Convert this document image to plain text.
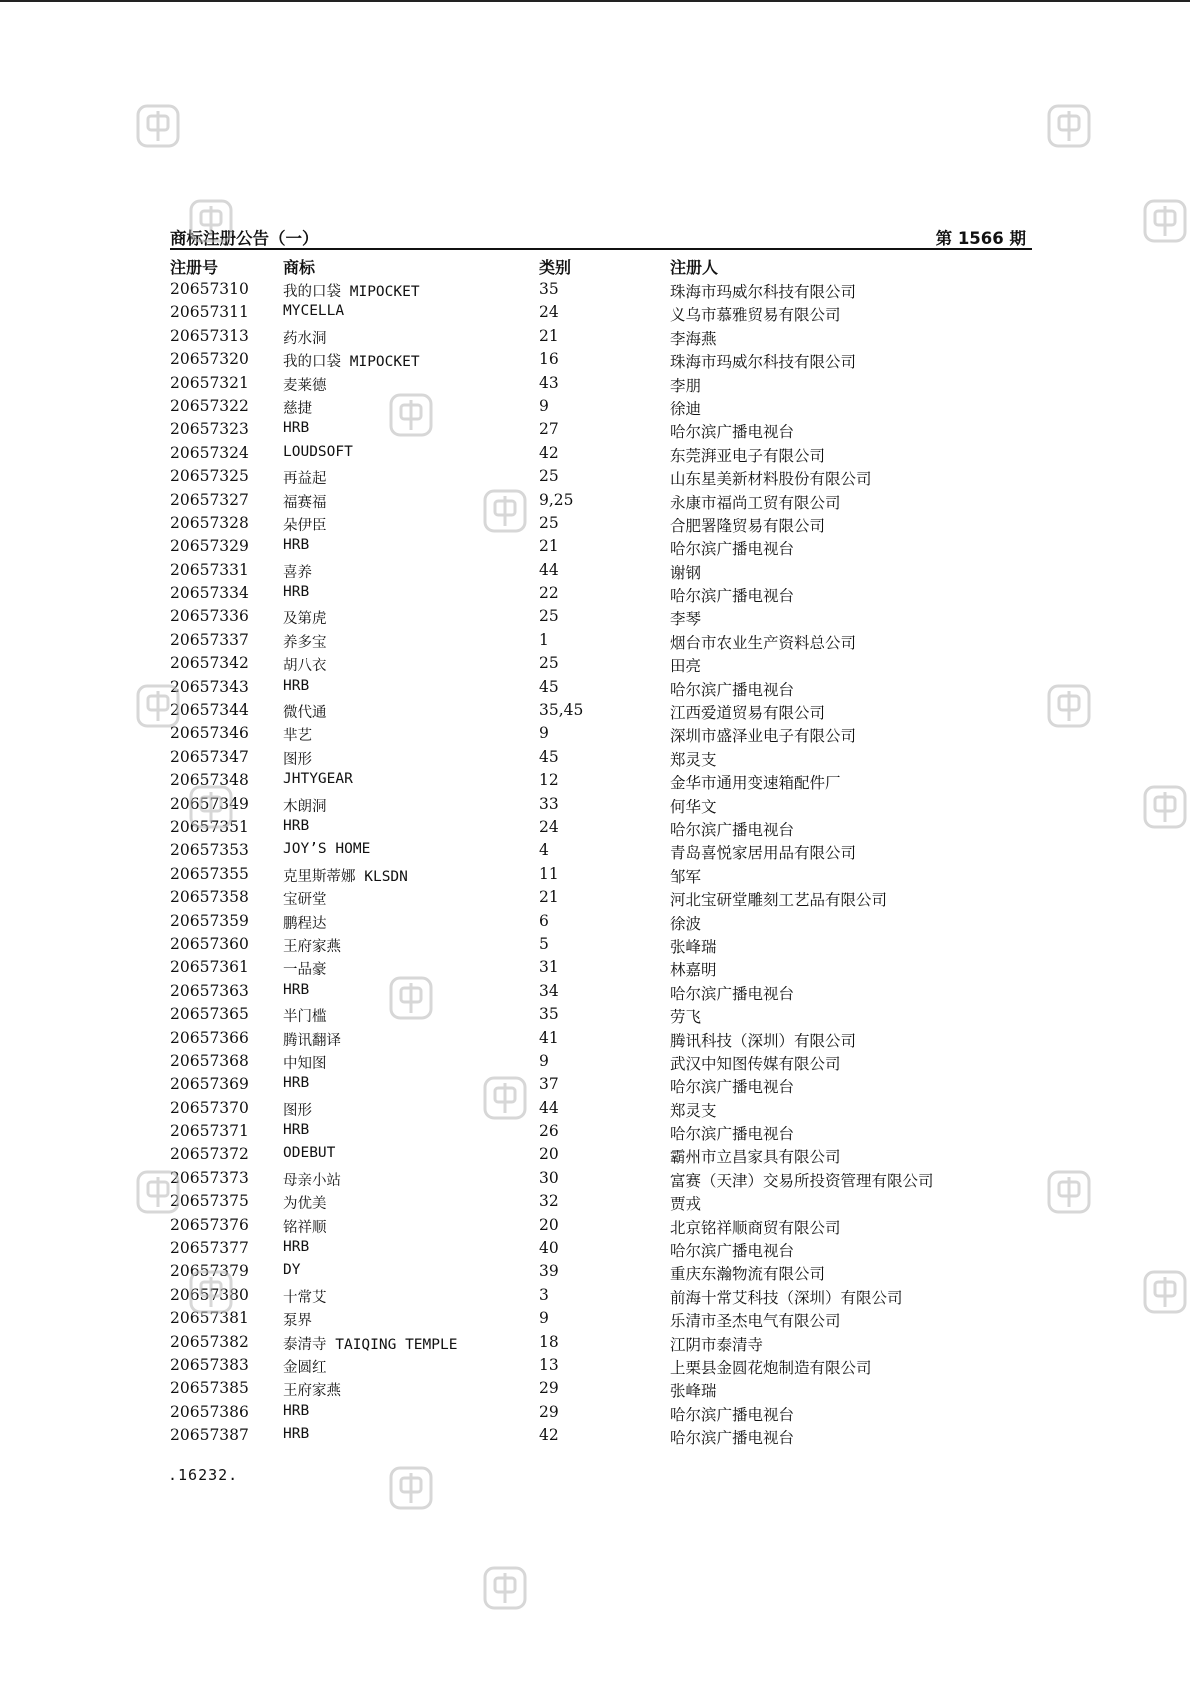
商标注册公告（一）	第 1566 期
注册号	商标	类别	注册人
20657310 我的口袋 MIPOCKET	35	珠海市玛威尔科技有限公司
20657311 MYCELLA	24	义乌市慕雅贸易有限公司
20657313 药水洞	21	李海燕
20657320 我的口袋 MIPOCKET	16	珠海市玛威尔科技有限公司
20657321 麦莱德	43	李朋
20657322 慈捷	9	徐迪
20657323 HRB	27	哈尔滨广播电视台
20657324 LOUDSOFT	42	东莞湃亚电子有限公司
20657325 再益起	25	山东星美新材料股份有限公司
20657327 福赛福	9,25	永康市福尚工贸有限公司
20657328 朵伊臣	25	合肥署隆贸易有限公司
20657329 HRB	21	哈尔滨广播电视台
20657331 喜养	44	谢钢
20657334 HRB	22	哈尔滨广播电视台
20657336 及第虎	25	李琴
20657337 养多宝	1	烟台市农业生产资料总公司
20657342 胡八衣	25	田亮
20657343 HRB	45	哈尔滨广播电视台
20657344 微代通	35,45	江西爱道贸易有限公司
20657346 芈艺	9	深圳市盛泽业电子有限公司
20657347 图形	45	郑灵支
20657348 JHTYGEAR	12	金华市通用变速箱配件厂
20657349 木朗洞	33	何华文
20657351 HRB	24	哈尔滨广播电视台
20657353 JOY’S HOME	4	青岛喜悦家居用品有限公司
20657355 克里斯蒂娜 KLSDN	11	邹军
20657358 宝研堂	21	河北宝研堂雕刻工艺品有限公司
20657359 鹏程达	6	徐波
20657360 王府家燕	5	张峰瑞
20657361 一品豪	31	林嘉明
20657363 HRB	34	哈尔滨广播电视台
20657365 半门槛	35	劳飞
20657366 腾讯翻译	41	腾讯科技（深圳）有限公司
20657368 中知图	9	武汉中知图传媒有限公司
20657369 HRB	37	哈尔滨广播电视台
20657370 图形	44	郑灵支
20657371 HRB	26	哈尔滨广播电视台
20657372 ODEBUT	20	霸州市立昌家具有限公司
20657373 母亲小站	30	富赛（天津）交易所投资管理有限公司
20657375 为优美	32	贾戎
20657376 铭祥顺	20	北京铭祥顺商贸有限公司
20657377 HRB	40	哈尔滨广播电视台
20657379 DY	39	重庆东瀚物流有限公司
20657380 十常艾	3	前海十常艾科技（深圳）有限公司
20657381 泵界	9	乐清市圣杰电气有限公司
20657382 泰清寺 TAIQING TEMPLE	18	江阴市泰清寺
20657383 金圆红	13	上栗县金圆花炮制造有限公司
20657385 王府家燕	29	张峰瑞
20657386 HRB	29	哈尔滨广播电视台
20657387 HRB	42	哈尔滨广播电视台
.16232.
